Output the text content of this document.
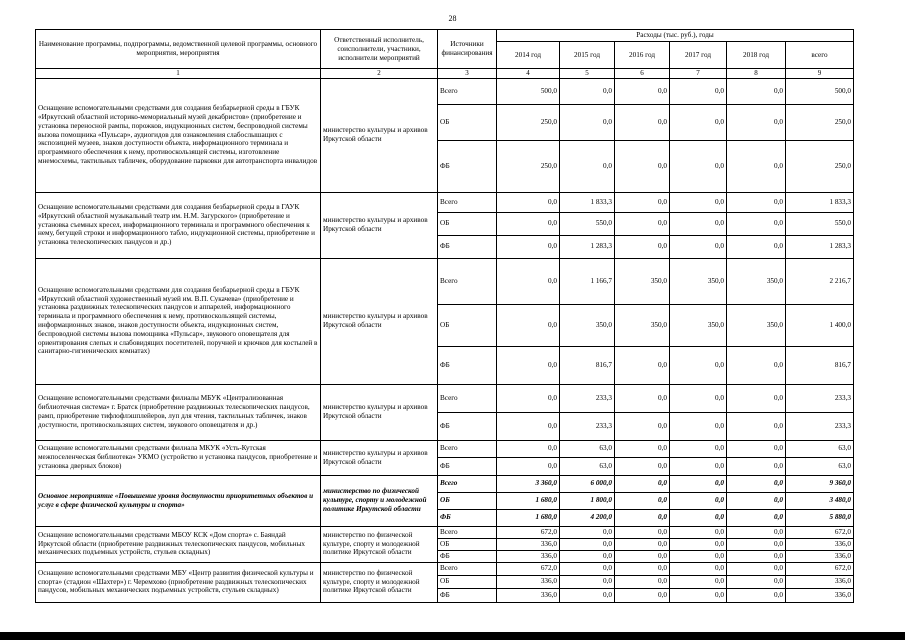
28
Наименование программы, подпрограммы, ведомственной целевой программы, основного мероприятия, мероприятия	Ответственный исполнитель, соисполнители, участники, исполнители мероприятий	Источники финансирования	Расходы (тыс. руб.), годы					
			2014 год	2015 год	2016 год	2017 год	2018 год	всего
1	2	3	4	5	6	7	8	9
Оснащение вспомогательными средствами для создания безбарьерной среды в ГБУК «Иркутский областной историко-мемориальный музей декабристов» (приобретение и установка переносной рампы, порожков, индукционных систем, беспроводной системы вызова помощника «Пульсар», аудиогидов для ознакомления слабослышащих с экспозицией музеев, знаков доступности объекта, информационного терминала и программного обеспечения к нему, противоскользящей системы, изготовление мнемосхемы, тактильных табличек, оборудование парковки для автотранспорта инвалидов	министерство культуры и архивов Иркутской области	Всего	500,0	0,0	0,0	0,0	0,0	500,0
		ОБ	250,0	0,0	0,0	0,0	0,0	250,0
		ФБ	250,0	0,0	0,0	0,0	0,0	250,0
Оснащение вспомогательными средствами для создания безбарьерной среды в ГАУК «Иркутский областной музыкальный театр им. Н.М. Загурского» (приобретение и установка съемных кресел, информационного терминала и программного обеспечения к нему, бегущей строки и информационного табло, индукционной системы, приобретение и установка телескопических пандусов и др.)	министерство культуры и архивов Иркутской области	Всего	0,0	1 833,3	0,0	0,0	0,0	1 833,3
		ОБ	0,0	550,0	0,0	0,0	0,0	550,0
		ФБ	0,0	1 283,3	0,0	0,0	0,0	1 283,3
Оснащение вспомогательными средствами для создания безбарьерной среды в ГБУК «Иркутский областной художественный музей им. В.П. Сукачева» (приобретение и установка раздвижных телескопических пандусов и аппарелей, информационного терминала и программного обеспечения к нему, противоскользящей системы, информационных знаков, знаков доступности объекта, индукционных систем, беспроводной системы вызова помощника «Пульсар», звукового оповещателя для ориентирования слепых и слабовидящих посетителей, поручней и крючков для костылей в санитарно-гигиенических комнатах)	министерство культуры и архивов Иркутской области	Всего	0,0	1 166,7	350,0	350,0	350,0	2 216,7
		ОБ	0,0	350,0	350,0	350,0	350,0	1 400,0
		ФБ	0,0	816,7	0,0	0,0	0,0	816,7
Оснащение вспомогательными средствами филиалы МБУК «Централизованная библиотечная система» г. Братск (приобретение раздвижных телескопических пандусов, рамп, приобретение тифлофлэшплейеров, луп для чтения, тактильных табличек, знаков доступности, противоскользящих систем, звукового оповещателя и др.)	министерство культуры и архивов Иркутской области	Всего	0,0	233,3	0,0	0,0	0,0	233,3
		ФБ	0,0	233,3	0,0	0,0	0,0	233,3
Оснащение вспомогательными средствами филиала МКУК «Усть-Кутская межпоселенческая библиотека» УКМО (устройство и установка пандусов, приобретение и установка дверных блоков)	министерство культуры и архивов Иркутской области	Всего	0,0	63,0	0,0	0,0	0,0	63,0
		ФБ	0,0	63,0	0,0	0,0	0,0	63,0
Основное мероприятие «Повышение уровня доступности приоритетных объектов и услуг в сфере физической культуры и спорта»	министерство по физической культуре, спорту и молодежной политике Иркутской области	Всего	3 360,0	6 000,0	0,0	0,0	0,0	9 360,0
		ОБ	1 680,0	1 800,0	0,0	0,0	0,0	3 480,0
		ФБ	1 680,0	4 200,0	0,0	0,0	0,0	5 880,0
Оснащение вспомогательными средствами МБОУ КСК «Дом спорта» с. Баяндай Иркутской области (приобретение раздвижных телескопических пандусов, мобильных механических подъемных устройств, стульев складных)	министерство по физической культуре, спорту и молодежной политике Иркутской области	Всего	672,0	0,0	0,0	0,0	0,0	672,0
		ОБ	336,0	0,0	0,0	0,0	0,0	336,0
		ФБ	336,0	0,0	0,0	0,0	0,0	336,0
Оснащение вспомогательными средствами МБУ «Центр развития физической культуры и спорта» (стадион «Шахтер») г. Черемхово (приобретение раздвижных телескопических пандусов, мобильных механических подъемных устройств, стульев складных)	министерство по физической культуре, спорту и молодежной политике Иркутской области	Всего	672,0	0,0	0,0	0,0	0,0	672,0
		ОБ	336,0	0,0	0,0	0,0	0,0	336,0
		ФБ	336,0	0,0	0,0	0,0	0,0	336,0
